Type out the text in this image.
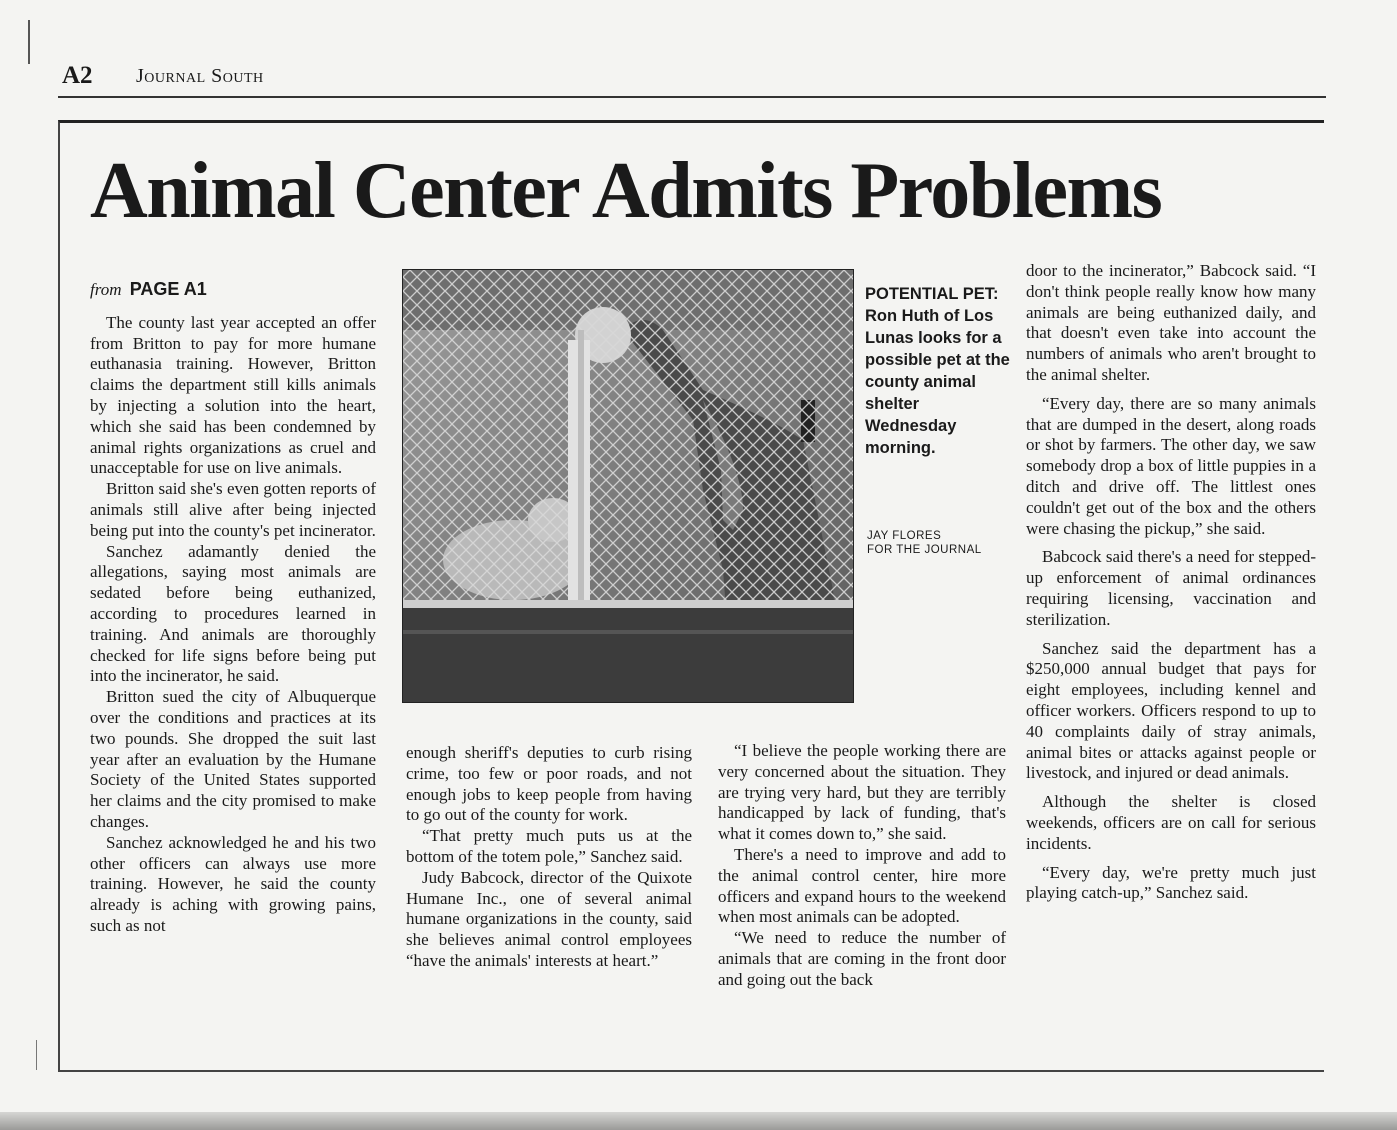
A2 Journal South
Animal Center Admits Problems

from PAGE A1

The county last year accepted an offer from Britton to pay for more humane euthanasia training. However, Britton claims the department still kills animals by injecting a solution into the heart, which she said has been condemned by animal rights organizations as cruel and unacceptable for use on live animals.

Britton said she's even gotten reports of animals still alive after being injected being put into the county's pet incinerator.

Sanchez adamantly denied the allegations, saying most animals are sedated before being euthanized, according to procedures learned in training. And animals are thoroughly checked for life signs before being put into the incinerator, he said.

Britton sued the city of Albuquerque over the conditions and practices at its two pounds. She dropped the suit last year after an evaluation by the Humane Society of the United States supported her claims and the city promised to make changes.

Sanchez acknowledged he and his two other officers can always use more training. However, he said the county already is aching with growing pains, such as not

POTENTIAL PET:
Ron Huth of Los Lunas looks for a possible pet at the county animal shelter Wednesday morning.
JAY FLORES
FOR THE JOURNAL

enough sheriff's deputies to curb rising crime, too few or poor roads, and not enough jobs to keep people from having to go out of the county for work.

“That pretty much puts us at the bottom of the totem pole,” Sanchez said.

Judy Babcock, director of the Quixote Humane Inc., one of several animal humane organizations in the county, said she believes animal control employees “have the animals' interests at heart.”

“I believe the people working there are very concerned about the situation. They are trying very hard, but they are terribly handicapped by lack of funding, that's what it comes down to,” she said.

There's a need to improve and add to the animal control center, hire more officers and expand hours to the weekend when most animals can be adopted.

“We need to reduce the number of animals that are coming in the front door and going out the back

door to the incinerator,” Babcock said. “I don't think people really know how many animals are being euthanized daily, and that doesn't even take into account the numbers of animals who aren't brought to the animal shelter.

“Every day, there are so many animals that are dumped in the desert, along roads or shot by farmers. The other day, we saw somebody drop a box of little puppies in a ditch and drive off. The littlest ones couldn't get out of the box and the others were chasing the pickup,” she said.

Babcock said there's a need for stepped-up enforcement of animal ordinances requiring licensing, vaccination and sterilization.

Sanchez said the department has a $250,000 annual budget that pays for eight employees, including kennel and officer workers. Officers respond to up to 40 complaints daily of stray animals, animal bites or attacks against people or livestock, and injured or dead animals.

Although the shelter is closed weekends, officers are on call for serious incidents.

“Every day, we're pretty much just playing catch-up,” Sanchez said.
